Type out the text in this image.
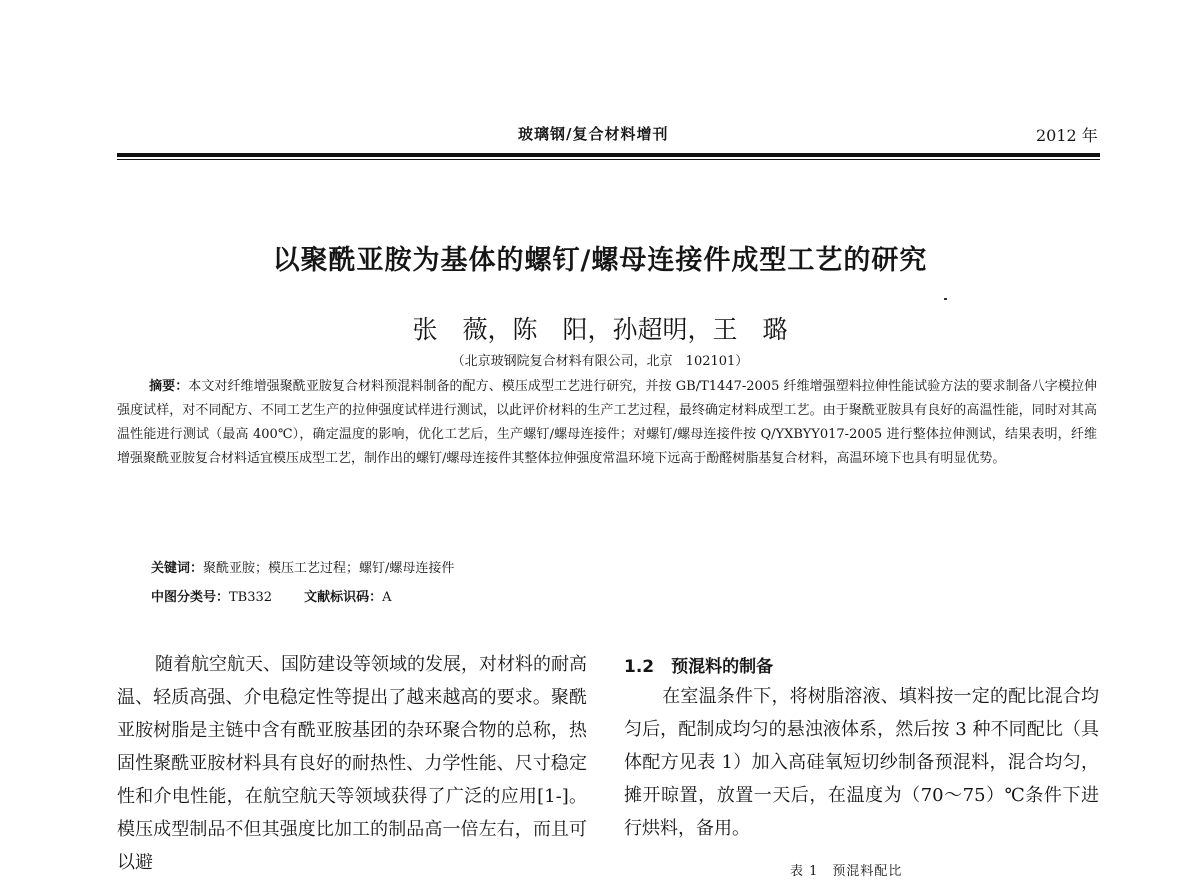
玻璃钢/复合材料增刊	2012 年
以聚酰亚胺为基体的螺钉/螺母连接件成型工艺的研究
张　薇，陈　阳，孙超明，王　璐
（北京玻钢院复合材料有限公司，北京　102101）
摘要：本文对纤维增强聚酰亚胺复合材料预混料制备的配方、模压成型工艺进行研究，并按 GB/T1447-2005 纤维增强塑料拉伸性能试验方法的要求制备八字模拉伸强度试样，对不同配方、不同工艺生产的拉伸强度试样进行测试，以此评价材料的生产工艺过程，最终确定材料成型工艺。由于聚酰亚胺具有良好的高温性能，同时对其高温性能进行测试（最高 400℃），确定温度的影响，优化工艺后，生产螺钉/螺母连接件；对螺钉/螺母连接件按 Q/YXBYY017-2005 进行整体拉伸测试，结果表明，纤维增强聚酰亚胺复合材料适宜模压成型工艺，制作出的螺钉/螺母连接件其整体拉伸强度常温环境下远高于酚醛树脂基复合材料，高温环境下也具有明显优势。
关键词：聚酰亚胺；模压工艺过程；螺钉/螺母连接件
中图分类号：TB332 文献标识码：A
随着航空航天、国防建设等领域的发展，对材料的耐高温、轻质高强、介电稳定性等提出了越来越高的要求。聚酰亚胺树脂是主链中含有酰亚胺基团的杂环聚合物的总称，热固性聚酰亚胺材料具有良好的耐热性、力学性能、尺寸稳定性和介电性能，在航空航天等领域获得了广泛的应用[1-]。模压成型制品不但其强度比加工的制品高一倍左右，而且可以避
1.2　预混料的制备
在室温条件下，将树脂溶液、填料按一定的配比混合均匀后，配制成均匀的悬浊液体系，然后按 3 种不同配比（具体配方见表 1）加入高硅氧短切纱制备预混料，混合均匀，摊开晾置，放置一天后，在温度为（70～75）℃条件下进行烘料，备用。
表 1　预混料配比
